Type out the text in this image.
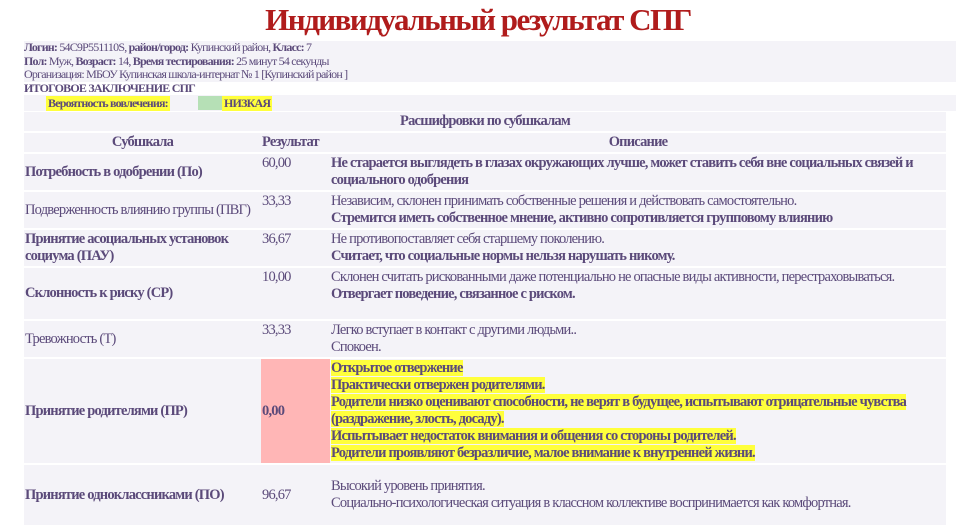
Индивидуальный результат СПГ
Логин: 54С9Р551110S, район/город: Купинский район, Класс: 7
Пол: Муж, Возраст: 14, Время тестирования: 25 минут 54 секунды
Организация: МБОУ Купинская школа-интернат № 1 [Купинский район ]
ИТОГОВОЕ ЗАКЛЮЧЕНИЕ СПГ
Вероятность вовлечения:	НИЗКАЯ
Расшифровки по субшкалам		
Субшкала	Результат	Описание
Потребность в одобрении (По)	60,00	Не старается выглядеть в глазах окружающих лучше, может ставить себя вне социальных связей и социального одобрения

Подверженность влиянию группы (ПВГ)	33,33	Независим, склонен принимать собственные решения и действовать самостоятельно.
Стремится иметь собственное мнение, активно сопротивляется групповому влиянию

Принятие асоциальных установок социума (ПАУ)	36,67	Не противопоставляет себя старшему поколению.
Считает, что социальные нормы нельзя нарушать никому.

Склонность к риску (СР)	10,00	Склонен считать рискованными даже потенциально не опасные виды активности, перестраховываться.
Отвергает поведение, связанное с риском.

Тревожность (Т)	33,33	Легко вступает в контакт с другими людьми..
Спокоен.

Принятие родителями (ПР)	0,00	Открытое отвержение
Практически отвержен родителями.
Родители низко оценивают способности, не верят в будущее, испытывают отрицательные чувства (раздражение, злость, досаду).
Испытывает недостаток внимания и общения со стороны родителей.
Родители проявляют безразличие, малое внимание к внутренней жизни.

Принятие одноклассниками (ПО)	96,67	Высокий уровень принятия.
Социально-психологическая ситуация в классном коллективе воспринимается как комфортная.
